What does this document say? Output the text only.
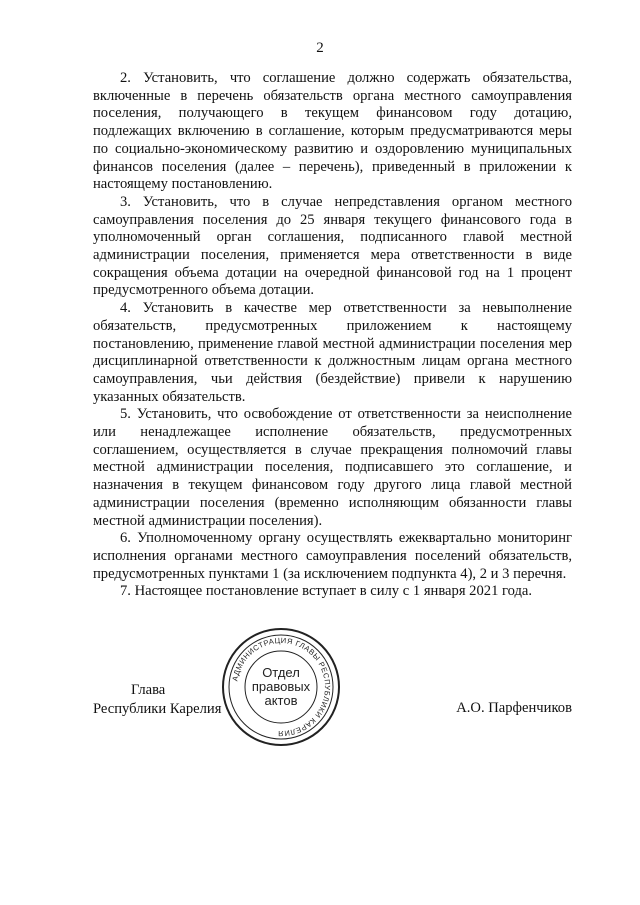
2

2. Установить, что соглашение должно содержать обязательства, включенные в перечень обязательств органа местного самоуправления поселения, получающего в текущем финансовом году дотацию, подлежащих включению в соглашение, которым предусматриваются меры по социально-экономическому развитию и оздоровлению муниципальных финансов поселения (далее – перечень), приведенный в приложении к настоящему постановлению.

3. Установить, что в случае непредставления органом местного самоуправления поселения до 25 января текущего финансового года в уполномоченный орган соглашения, подписанного главой местной администрации поселения, применяется мера ответственности в виде сокращения объема дотации на очередной финансовой год на 1 процент предусмотренного объема дотации.

4. Установить в качестве мер ответственности за невыполнение обязательств, предусмотренных приложением к настоящему постановлению, применение главой местной администрации поселения мер дисциплинарной ответственности к должностным лицам органа местного самоуправления, чьи действия (бездействие) привели к нарушению указанных обязательств.

5. Установить, что освобождение от ответственности за неисполнение или ненадлежащее исполнение обязательств, предусмотренных соглашением, осуществляется в случае прекращения полномочий главы местной администрации поселения, подписавшего это соглашение, и назначения в текущем финансовом году другого лица главой местной администрации поселения (временно исполняющим обязанности главы местной администрации поселения).

6. Уполномоченному органу осуществлять ежеквартально мониторинг исполнения органами местного самоуправления поселений обязательств, предусмотренных пунктами 1 (за исключением подпункта 4), 2 и 3 перечня.

7. Настоящее постановление вступает в силу с 1 января 2021 года.

Глава
Республики Карелия
АДМИНИСТРАЦИЯ ГЛАВЫ РЕСПУБЛИКИ КАРЕЛИЯ
Отдел
правовых
актов	А.О. Парфенчиков
